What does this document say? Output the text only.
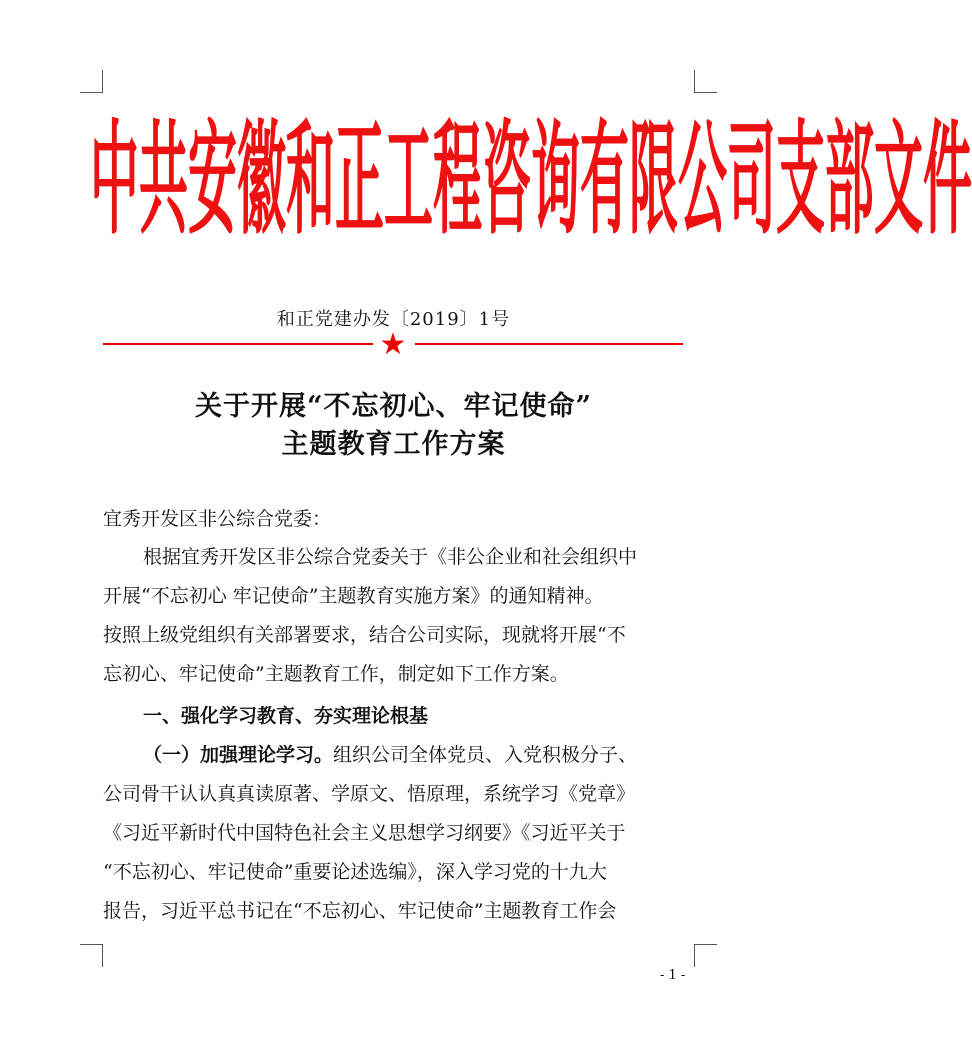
中共安徽和正工程咨询有限公司支部文件
和正党建办发〔2019〕1号
★
关于开展“不忘初心、牢记使命”
主题教育工作方案
宜秀开发区非公综合党委：
根据宜秀开发区非公综合党委关于《非公企业和社会组织中
开展“不忘初心 牢记使命”主题教育实施方案》的通知精神。
按照上级党组织有关部署要求，结合公司实际，现就将开展“不
忘初心、牢记使命”主题教育工作，制定如下工作方案。
一、强化学习教育、夯实理论根基
（一）加强理论学习。组织公司全体党员、入党积极分子、
公司骨干认认真真读原著、学原文、悟原理，系统学习《党章》
《习近平新时代中国特色社会主义思想学习纲要》《习近平关于
“不忘初心、牢记使命”重要论述选编》，深入学习党的十九大
报告，习近平总书记在“不忘初心、牢记使命”主题教育工作会
- 1 -
